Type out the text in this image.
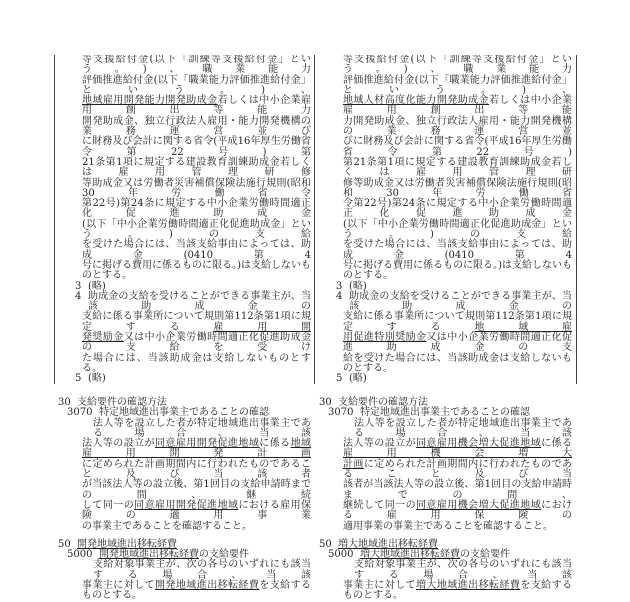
等支援給付金(以下「訓練等支援給付金」という。)、職業能力
評価推進給付金(以下「職業能力評価推進給付金」という。)、
地域雇用開発能力開発助成金若しくは中小企業雇用創出等能力
開発助成金、独立行政法人雇用・能力開発機構の業務運営並び
に財務及び会計に関する省令(平成16年厚生労働省令第22号)第
21条第1項に規定する建設教育訓練助成金若しくは雇用管理研修
等助成金又は労働者災害補償保険法施行規則(昭和30年労働省令
第22号)第24条に規定する中小企業労働時間適正化促進助成金
(以下「中小企業労働時間適正化促進助成金」という。)の支給
を受けた場合には、当該支給事由によっては、助成金(0410第4
号に掲げる費用に係るものに限る。)は支給しないものとする。
3 (略)
4 助成金の支給を受けることができる事業主が、当該助成金の
支給に係る事業所について規則第112条第1項に規定する雇用開
発奨励金又は中小企業労働時間適正化促進助成金の支給を受け
た場合には、当該助成金は支給しないものとする。
5 (略)
30 支給要件の確認方法
3070 特定地域進出事業主であることの確認
法人等を設立した者が特定地域進出事業主である場合、当該
法人等の設立が同意雇用開発促進地域に係る地域雇用開発計画
に定められた計画期間内に行われたものであること及び当該者
が当該法人等の設立後、第1回目の支給申請時までの間、継続
して同一の同意雇用開発促進地域における雇用保険の適用事業
の事業主であることを確認すること。
50 開発地域進出移転経費
5000 開発地域進出移転経費の支給要件
支給対象事業主が、次の各号のいずれにも該当する場合、当該
事業主に対して開発地域進出移転経費を支給するものとする。
等支援給付金(以下「訓練等支援給付金」という。)、職業能力
評価推進給付金(以下「職業能力評価推進給付金」という。)、
地域人材高度化能力開発助成金若しくは中小企業雇用創出等能
力開発助成金、独立行政法人雇用・能力開発機構の業務運営並
びに財務及び会計に関する省令(平成16年厚生労働省令第22号)
第21条第1項に規定する建設教育訓練助成金若しくは雇用管理研
修等助成金又は労働者災害補償保険法施行規則(昭和30年労働省
令第22号)第24条に規定する中小企業労働時間適正化促進助成金
(以下「中小企業労働時間適正化促進助成金」という。)の支給
を受けた場合には、当該支給事由によっては、助成金(0410第4
号に掲げる費用に係るものに限る。)は支給しないものとする。
3 (略)
4 助成金の支給を受けることができる事業主が、当該助成金の
支給に係る事業所について規則第112条第1項に規定する地域雇
用促進特別奨励金又は中小企業労働時間適正化促進助成金の支
給を受けた場合には、当該助成金は支給しないものとする。
5 (略)
30 支給要件の確認方法
3070 特定地域進出事業主であることの確認
法人等を設立した者が特定地域進出事業主である場合、当該
法人等の設立が同意雇用機会増大促進地域に係る雇用機会増大
計画に定められた計画期間内に行われたものであること及び当
該者が当該法人等の設立後、第1回目の支給申請時までの間、
継続して同一の同意雇用機会増大促進地域における雇用保険の
適用事業の事業主であることを確認すること。
50 増大地域進出移転経費
5000 増大地域進出移転経費の支給要件
支給対象事業主が、次の各号のいずれにも該当する場合、当該
事業主に対して増大地域進出移転経費を支給するものとする。
